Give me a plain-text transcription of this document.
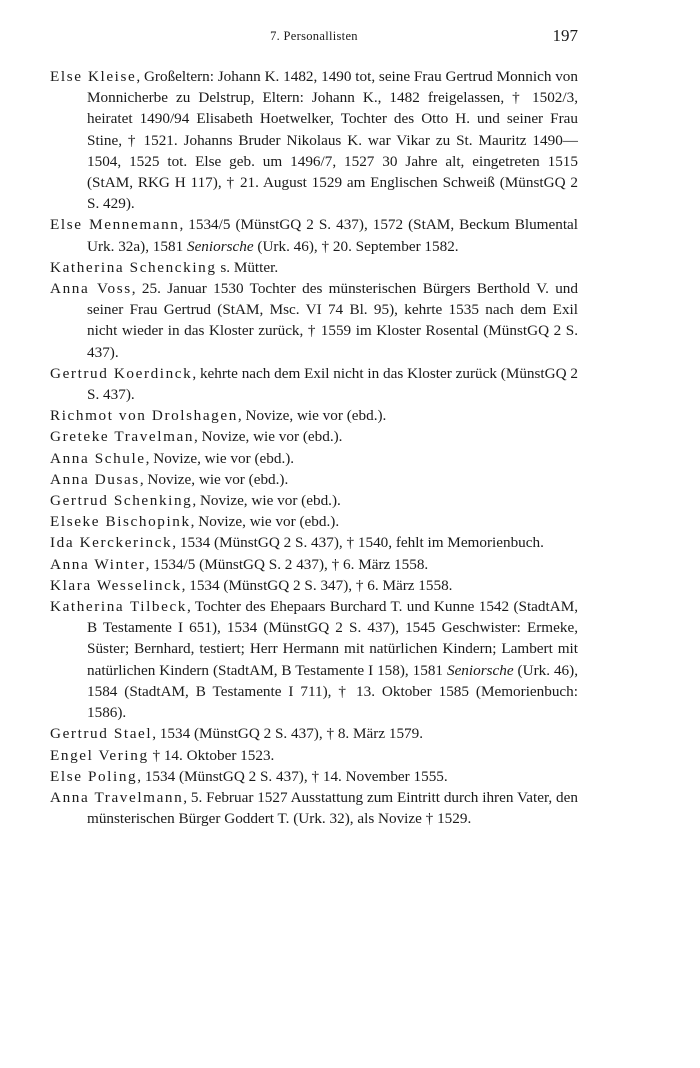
7. Personallisten	197

Else Kleise, Großeltern: Johann K. 1482, 1490 tot, seine Frau Gertrud Monnich von Monnicherbe zu Delstrup, Eltern: Johann K., 1482 freigelassen, † 1502/3, heiratet 1490/94 Elisabeth Hoetwelker, Tochter des Otto H. und seiner Frau Stine, † 1521. Johanns Bruder Nikolaus K. war Vikar zu St. Mauritz 1490—1504, 1525 tot. Else geb. um 1496/7, 1527 30 Jahre alt, eingetreten 1515 (StAM, RKG H 117), † 21. August 1529 am Englischen Schweiß (MünstGQ 2 S. 429).

Else Mennemann, 1534/5 (MünstGQ 2 S. 437), 1572 (StAM, Beckum Blumental Urk. 32a), 1581 Seniorsche (Urk. 46), † 20. September 1582.

Katherina Schencking s. Mütter.

Anna Voss, 25. Januar 1530 Tochter des münsterischen Bürgers Berthold V. und seiner Frau Gertrud (StAM, Msc. VI 74 Bl. 95), kehrte 1535 nach dem Exil nicht wieder in das Kloster zurück, † 1559 im Kloster Rosental (MünstGQ 2 S. 437).

Gertrud Koerdinck, kehrte nach dem Exil nicht in das Kloster zurück (MünstGQ 2 S. 437).

Richmot von Drolshagen, Novize, wie vor (ebd.).

Greteke Travelman, Novize, wie vor (ebd.).

Anna Schule, Novize, wie vor (ebd.).

Anna Dusas, Novize, wie vor (ebd.).

Gertrud Schenking, Novize, wie vor (ebd.).

Elseke Bischopink, Novize, wie vor (ebd.).

Ida Kerckerinck, 1534 (MünstGQ 2 S. 437), † 1540, fehlt im Memorienbuch.

Anna Winter, 1534/5 (MünstGQ S. 2 437), † 6. März 1558.

Klara Wesselinck, 1534 (MünstGQ 2 S. 347), † 6. März 1558.

Katherina Tilbeck, Tochter des Ehepaars Burchard T. und Kunne 1542 (StadtAM, B Testamente I 651), 1534 (MünstGQ 2 S. 437), 1545 Geschwister: Ermeke, Süster; Bernhard, testiert; Herr Hermann mit natürlichen Kindern; Lambert mit natürlichen Kindern (StadtAM, B Testamente I 158), 1581 Seniorsche (Urk. 46), 1584 (StadtAM, B Testamente I 711), † 13. Oktober 1585 (Memorienbuch: 1586).

Gertrud Stael, 1534 (MünstGQ 2 S. 437), † 8. März 1579.

Engel Vering † 14. Oktober 1523.

Else Poling, 1534 (MünstGQ 2 S. 437), † 14. November 1555.

Anna Travelmann, 5. Februar 1527 Ausstattung zum Eintritt durch ihren Vater, den münsterischen Bürger Goddert T. (Urk. 32), als Novize † 1529.
